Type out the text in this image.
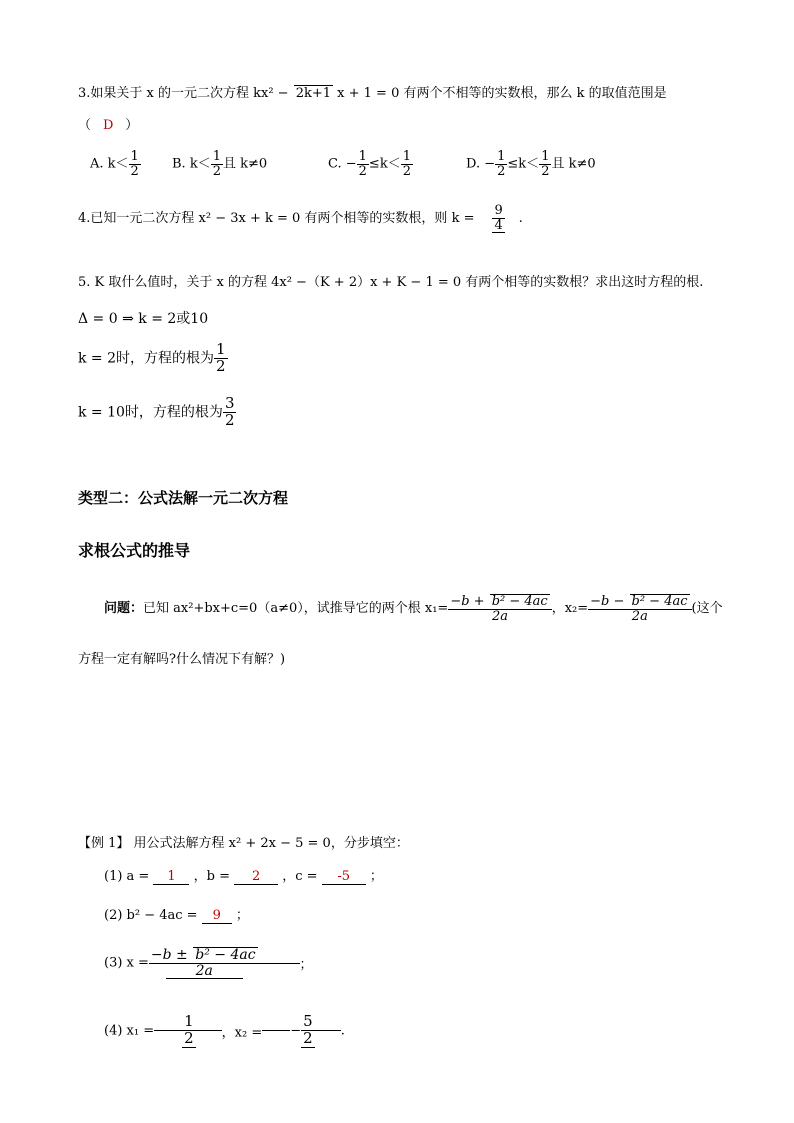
3.如果关于 x 的一元二次方程 kx² − 2k+1 x + 1 = 0 有两个不相等的实数根，那么 k 的取值范围是
（ D ）
A. $k< \frac{1}{2} B$. $k< \frac{1}{2}$ 且 k≠0	C. − $\frac{1}{2} \le k< \frac{1}{2}$	D. − $\frac{1}{2} \le k< \frac{1}{2}$ 且 k≠0
4.已知一元二次方程 x² − 3x + k = 0 有两个相等的实数根，则 $k = \frac{9}{4}$ .
5. K 取什么值时，关于 x 的方程 4x² −（K + 2）x + K − 1 = 0 有两个相等的实数根？求出这时方程的根.
Δ = 0 ⇒ k = 2或10
k = 2时，方程的根为 $\frac{1}{2}$
k = 10时，方程的根为 $\frac{3}{2}$
类型二：公式法解一元二次方程
求根公式的推导
问题：已知 ax²+bx+c=0（a≠0），试推导它的两个根 $x_1= \frac{\text{−b + b² − 4ac}}{2a}$ ，$x_2= \frac{\text{−b − b² − 4ac}}{2a}$ (这个
方程一定有解吗?什么情况下有解？)
【例 1】 用公式法解方程 x² + 2x − 5 = 0，分步填空：
(1) a = 1 ，b = 2 ，c = -5 ；
(2) b² − 4ac = 9 ；
(3) $x = \frac{\text{−b ± b² − 4ac}}{2a}$	；
(4) $x_1 = \frac{1}{2}$ ，x₂ = − $\frac{5}{2}$ .
